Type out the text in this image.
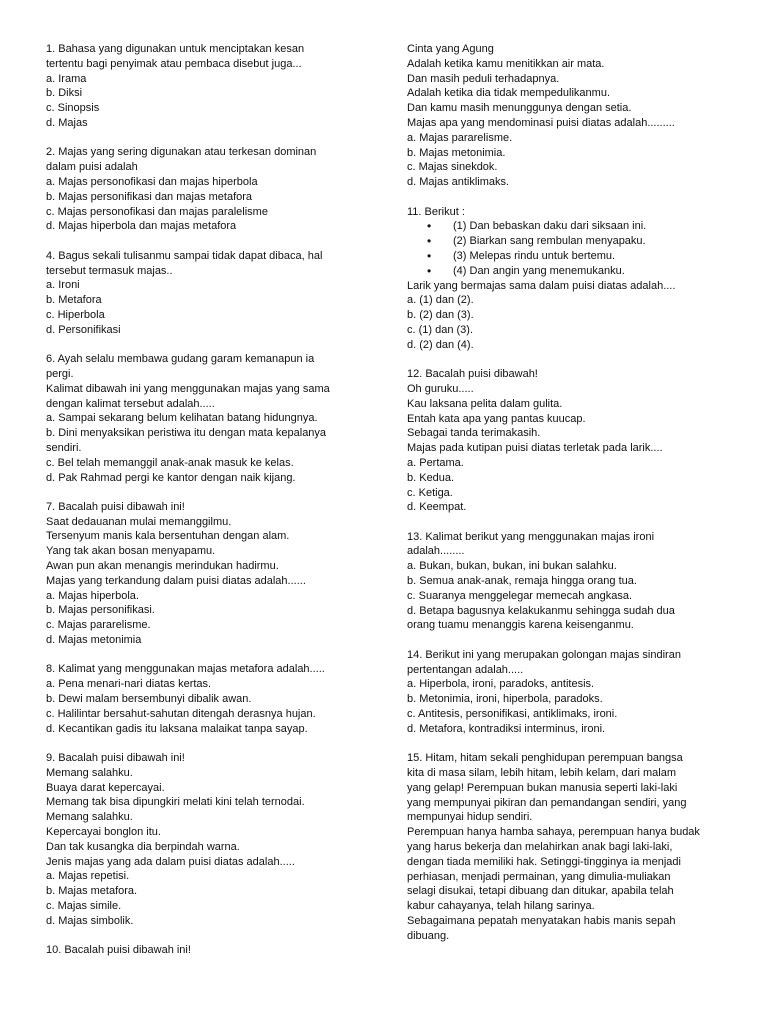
1. Bahasa yang digunakan untuk menciptakan kesan
tertentu bagi penyimak atau pembaca disebut juga...
a. Irama
b. Diksi
c. Sinopsis
d. Majas
2. Majas yang sering digunakan atau terkesan dominan
dalam puisi adalah
a. Majas personofikasi dan majas hiperbola
b. Majas personifikasi dan majas metafora
c. Majas personofikasi dan majas paralelisme
d. Majas hiperbola dan majas metafora
4. Bagus sekali tulisanmu sampai tidak dapat dibaca, hal
tersebut termasuk majas..
a. Ironi
b. Metafora
c. Hiperbola
d. Personifikasi
6. Ayah selalu membawa gudang garam kemanapun ia
pergi.
Kalimat dibawah ini yang menggunakan majas yang sama
dengan kalimat tersebut adalah.....
a. Sampai sekarang belum kelihatan batang hidungnya.
b. Dini menyaksikan peristiwa itu dengan mata kepalanya
sendiri.
c. Bel telah memanggil anak-anak masuk ke kelas.
d. Pak Rahmad pergi ke kantor dengan naik kijang.
7. Bacalah puisi dibawah ini!
Saat dedauanan mulai memanggilmu.
Tersenyum manis kala bersentuhan dengan alam.
Yang tak akan bosan menyapamu.
Awan pun akan menangis merindukan hadirmu.
Majas yang terkandung dalam puisi diatas adalah......
a. Majas hiperbola.
b. Majas personifikasi.
c. Majas pararelisme.
d. Majas metonimia
8. Kalimat yang menggunakan majas metafora adalah.....
a. Pena menari-nari diatas kertas.
b. Dewi malam bersembunyi dibalik awan.
c. Halilintar bersahut-sahutan ditengah derasnya hujan.
d. Kecantikan gadis itu laksana malaikat tanpa sayap.
9. Bacalah puisi dibawah ini!
Memang salahku.
Buaya darat kepercayai.
Memang tak bisa dipungkiri melati kini telah ternodai.
Memang salahku.
Kepercayai bonglon itu.
Dan tak kusangka dia berpindah warna.
Jenis majas yang ada dalam puisi diatas adalah.....
a. Majas repetisi.
b. Majas metafora.
c. Majas simile.
d. Majas simbolik.
10. Bacalah puisi dibawah ini!
Cinta yang Agung
Adalah ketika kamu menitikkan air mata.
Dan masih peduli terhadapnya.
Adalah ketika dia tidak mempedulikanmu.
Dan kamu masih menunggunya dengan setia.
Majas apa yang mendominasi puisi diatas adalah.........
a. Majas pararelisme.
b. Majas metonimia.
c. Majas sinekdok.
d. Majas antiklimaks.
11. Berikut :
• (1) Dan bebaskan daku dari siksaan ini.
• (2) Biarkan sang rembulan menyapaku.
• (3) Melepas rindu untuk bertemu.
• (4) Dan angin yang menemukanku.
Larik yang bermajas sama dalam puisi diatas adalah....
a. (1) dan (2).
b. (2) dan (3).
c. (1) dan (3).
d. (2) dan (4).
12. Bacalah puisi dibawah!
Oh guruku.....
Kau laksana pelita dalam gulita.
Entah kata apa yang pantas kuucap.
Sebagai tanda terimakasih.
Majas pada kutipan puisi diatas terletak pada larik....
a. Pertama.
b. Kedua.
c. Ketiga.
d. Keempat.
13. Kalimat berikut yang menggunakan majas ironi
adalah........
a. Bukan, bukan, bukan, ini bukan salahku.
b. Semua anak-anak, remaja hingga orang tua.
c. Suaranya menggelegar memecah angkasa.
d. Betapa bagusnya kelakukanmu sehingga sudah dua
orang tuamu menanggis karena keisenganmu.
14. Berikut ini yang merupakan golongan majas sindiran
pertentangan adalah.....
a. Hiperbola, ironi, paradoks, antitesis.
b. Metonimia, ironi, hiperbola, paradoks.
c. Antitesis, personifikasi, antiklimaks, ironi.
d. Metafora, kontradiksi interminus, ironi.
15. Hitam, hitam sekali penghidupan perempuan bangsa
kita di masa silam, lebih hitam, lebih kelam, dari malam
yang gelap! Perempuan bukan manusia seperti laki-laki
yang mempunyai pikiran dan pemandangan sendiri, yang
mempunyai hidup sendiri.
Perempuan hanya hamba sahaya, perempuan hanya budak
yang harus bekerja dan melahirkan anak bagi laki-laki,
dengan tiada memiliki hak. Setinggi-tingginya ia menjadi
perhiasan, menjadi permainan, yang dimulia-muliakan
selagi disukai, tetapi dibuang dan ditukar, apabila telah
kabur cahayanya, telah hilang sarinya.
Sebagaimana pepatah menyatakan habis manis sepah
dibuang.
